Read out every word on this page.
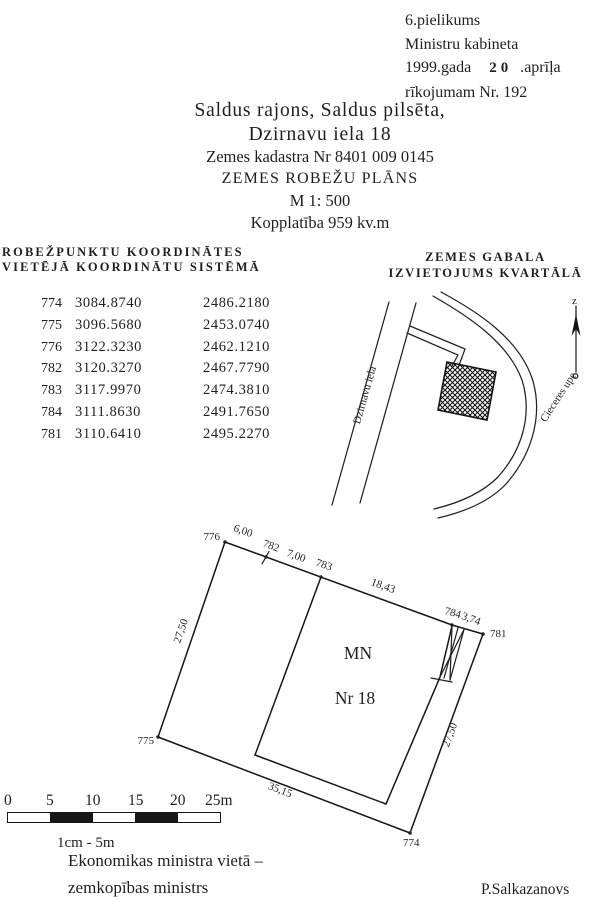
6.pielikums
Ministru kabineta
1999.gada 20 .aprīļa
rīkojumam Nr. 192
Saldus rajons, Saldus pilsēta,
Dzirnavu iela 18
Zemes kadastra Nr 8401 009 0145
ZEMES ROBEŽU PLĀNS
M 1: 500
Kopplatība 959 kv.m
ROBEŽPUNKTU KOORDINĀTES
VIETĒJĀ KOORDINĀTU SISTĒMĀ
774 3084.8740	2486.2180
775 3096.5680	2453.0740
776 3122.3230	2462.1210
782 3120.3270	2467.7790
783 3117.9970	2474.3810
784 3111.8630	2491.7650
781 3110.6410	2495.2270
ZEMES GABALA
IZVIETOJUMS KVARTĀLĀ
z
Dzirnavu iela	Cieceres upe
776
782
783
784
781
775
774
6,00
7,00
18,43
3,74
27,50
27,50
35,15
MN
Nr 18
0 5 10 15 20 25m
1cm - 5m
Ekonomikas ministra vietā –
zemkopības ministrs	P.Salkazanovs
